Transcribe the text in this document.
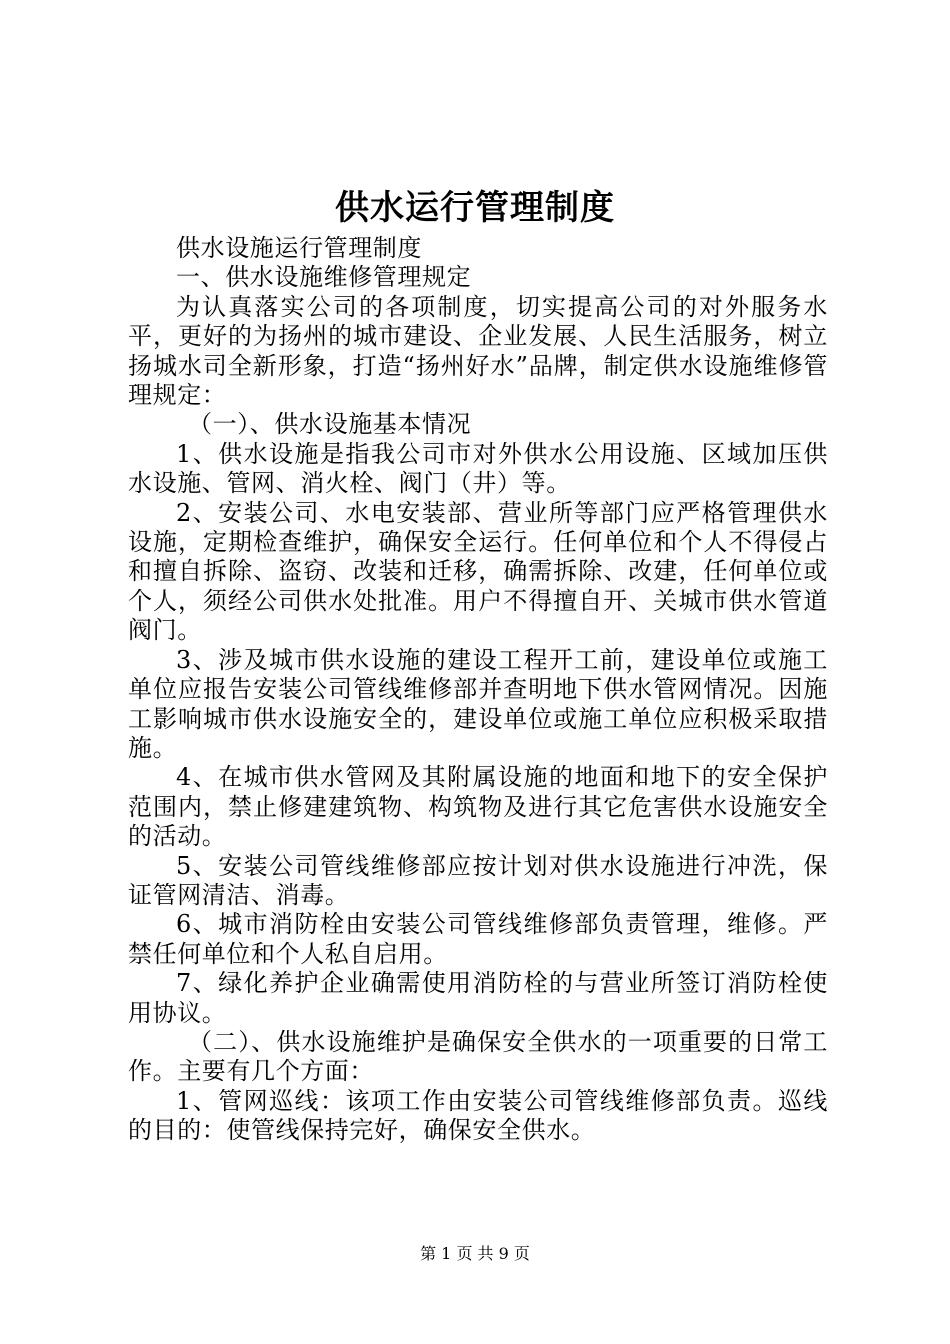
供水运行管理制度

供水设施运行管理制度

一、供水设施维修管理规定

为认真落实公司的各项制度，切实提高公司的对外服务水平，更好的为扬州的城市建设、企业发展、人民生活服务，树立扬城水司全新形象，打造“扬州好水”品牌，制定供水设施维修管理规定：

（一）、供水设施基本情况

1、供水设施是指我公司市对外供水公用设施、区域加压供水设施、管网、消火栓、阀门（井）等。

2、安装公司、水电安装部、营业所等部门应严格管理供水设施，定期检查维护，确保安全运行。任何单位和个人不得侵占和擅自拆除、盗窃、改装和迁移，确需拆除、改建，任何单位或个人，须经公司供水处批准。用户不得擅自开、关城市供水管道阀门。

3、涉及城市供水设施的建设工程开工前，建设单位或施工单位应报告安装公司管线维修部并查明地下供水管网情况。因施工影响城市供水设施安全的，建设单位或施工单位应积极采取措施。

4、在城市供水管网及其附属设施的地面和地下的安全保护范围内，禁止修建建筑物、构筑物及进行其它危害供水设施安全的活动。

5、安装公司管线维修部应按计划对供水设施进行冲洗，保证管网清洁、消毒。

6、城市消防栓由安装公司管线维修部负责管理，维修。严禁任何单位和个人私自启用。

7、绿化养护企业确需使用消防栓的与营业所签订消防栓使用协议。

（二）、供水设施维护是确保安全供水的一项重要的日常工作。主要有几个方面：

1、管网巡线：该项工作由安装公司管线维修部负责。巡线的目的：使管线保持完好，确保安全供水。

第 1 页 共 9 页
